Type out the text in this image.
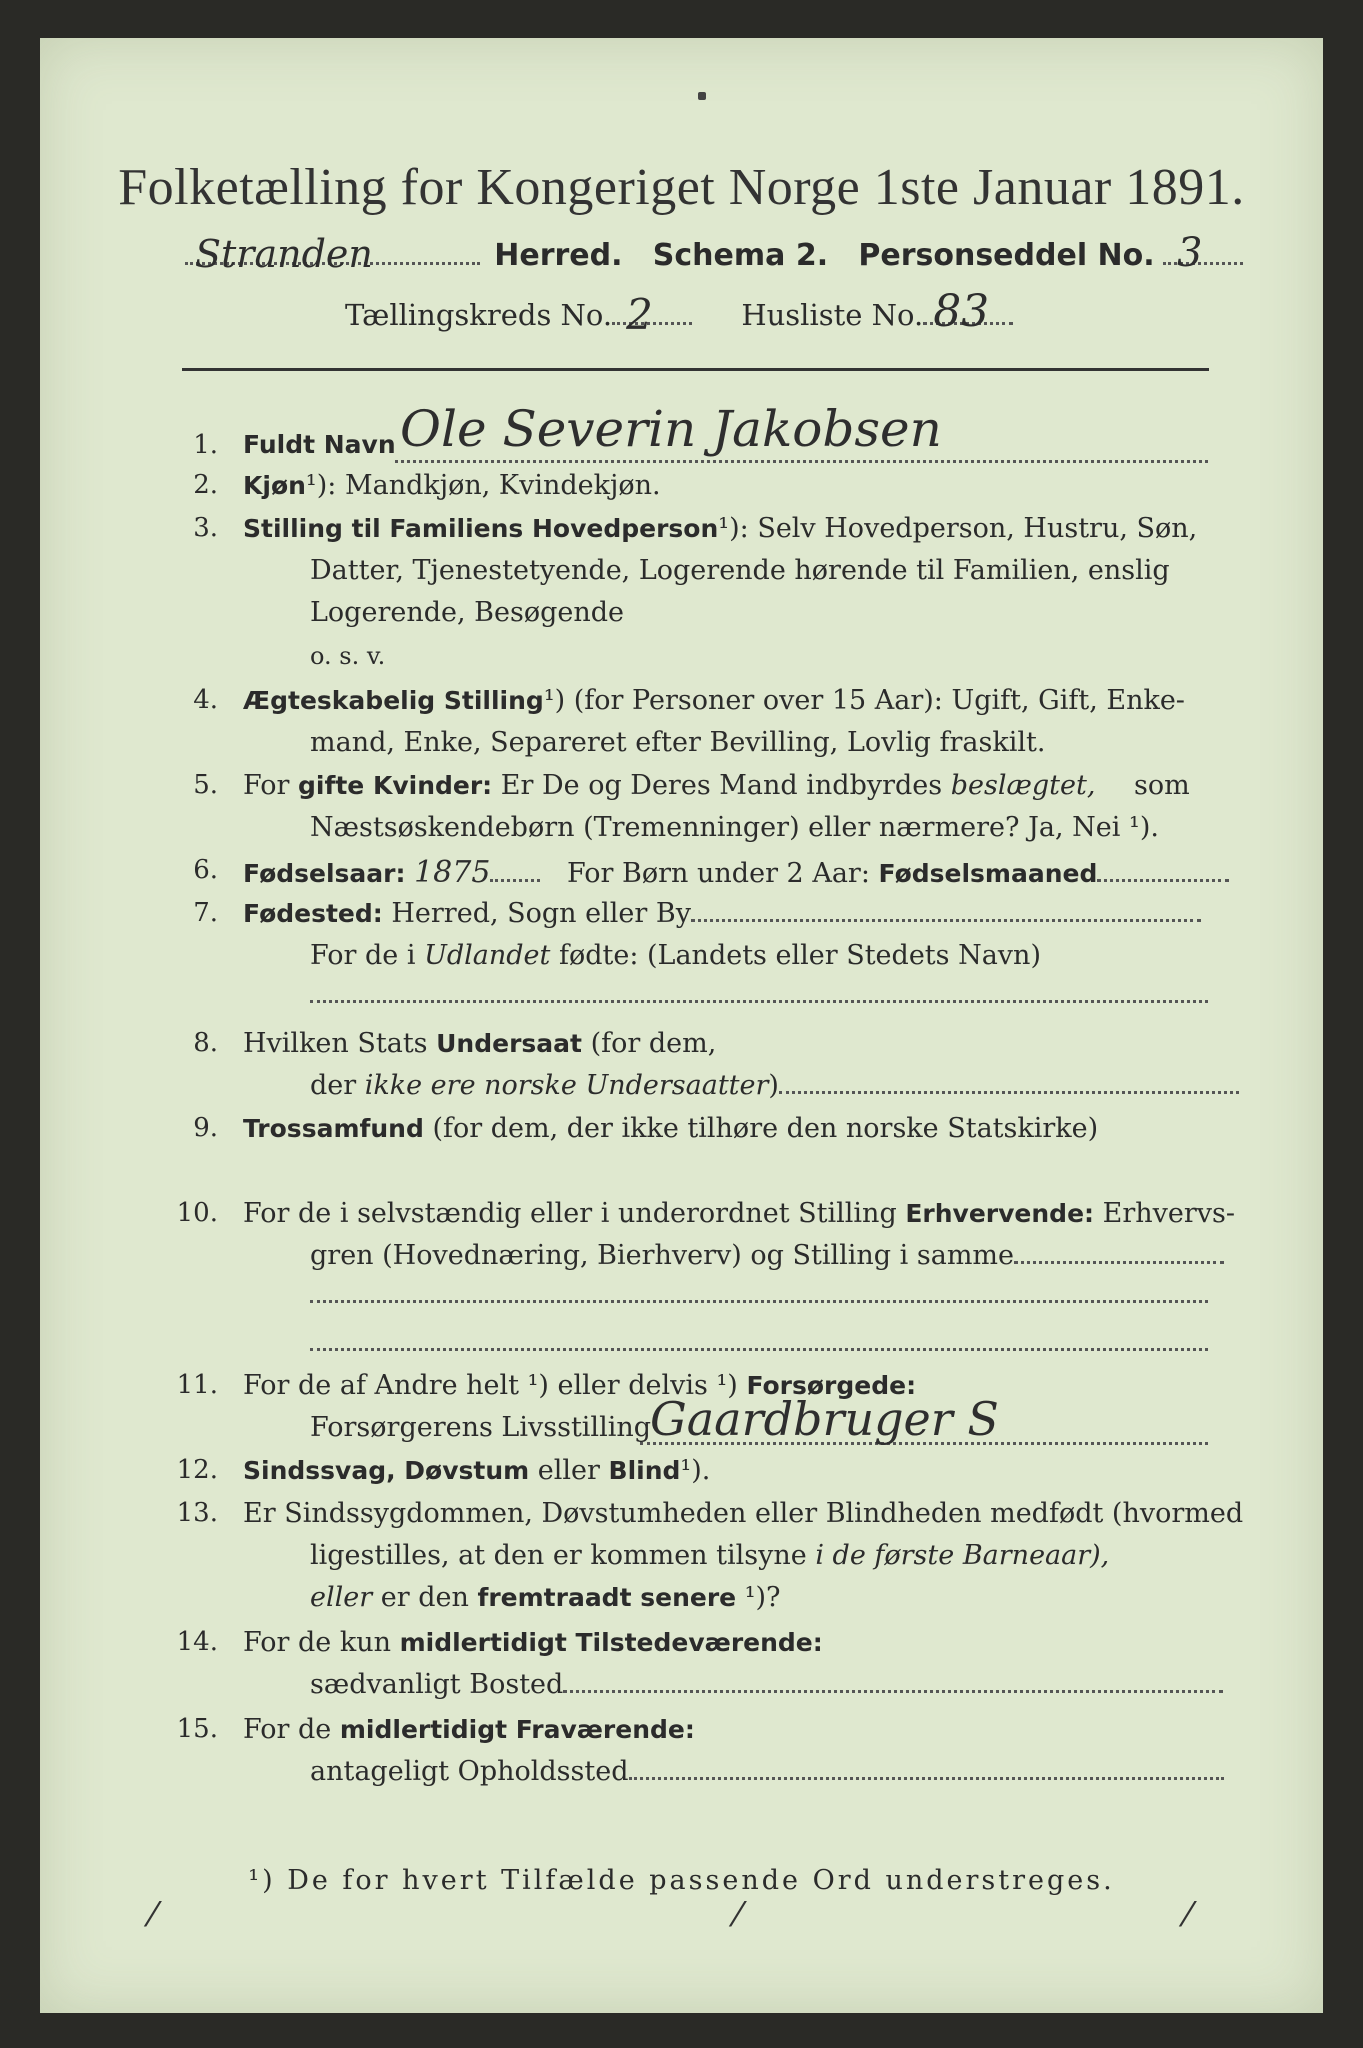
Folketælling for Kongeriget Norge 1ste Januar 1891.
Stranden	Herred. Schema 2. Personseddel No. 3
Tællingskreds No. 2	Husliste No. 83
1. Fuldt Navn Ole Severin Jakobsen
2. Kjøn¹): Mandkjøn, Kvindekjøn.
3. Stilling til Familiens Hovedperson¹): Selv Hovedperson, Hustru, Søn,
Datter, Tjenestetyende, Logerende hørende til Familien, enslig
Logerende, Besøgende
o. s. v.
4. Ægteskabelig Stilling¹) (for Personer over 15 Aar): Ugift, Gift, Enke-
mand, Enke, Separeret efter Bevilling, Lovlig fraskilt.
5. For gifte Kvinder: Er De og Deres Mand indbyrdes beslægtet, som
Næstsøskendebørn (Tremenninger) eller nærmere? Ja, Nei ¹).
6. Fødselsaar: 1875	For Børn under 2 Aar: Fødselsmaaned
7. Fødested: Herred, Sogn eller By
For de i Udlandet fødte: (Landets eller Stedets Navn)
8. Hvilken Stats Undersaat (for dem,
der ikke ere norske Undersaatter)
9. Trossamfund (for dem, der ikke tilhøre den norske Statskirke)
10. For de i selvstændig eller i underordnet Stilling Erhvervende: Erhvervs-
gren (Hovednæring, Bierhverv) og Stilling i samme
11. For de af Andre helt ¹) eller delvis ¹) Forsørgede:
Forsørgerens Livsstilling
Gaardbruger S
12. Sindssvag, Døvstum eller Blind¹).
13. Er Sindssygdommen, Døvstumheden eller Blindheden medfødt (hvormed
ligestilles, at den er kommen tilsyne i de første Barneaar),
eller er den fremtraadt senere ¹)?
14. For de kun midlertidigt Tilstedeværende:
sædvanligt Bosted
15. For de midlertidigt Fraværende:
antageligt Opholdssted
¹) De for hvert Tilfælde passende Ord understreges.
⁄	⁄	⁄
